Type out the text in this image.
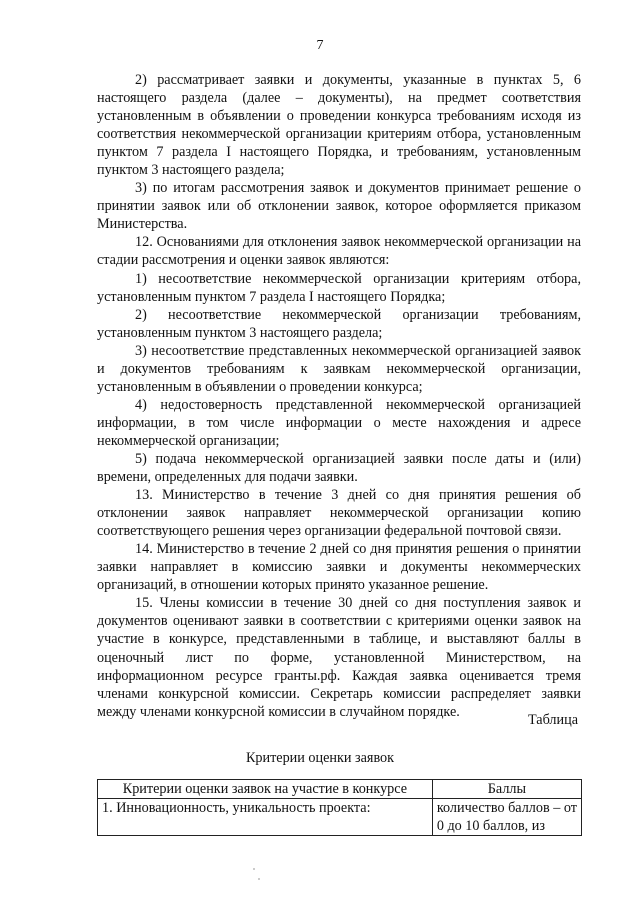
7

2) рассматривает заявки и документы, указанные в пунктах 5, 6 настоящего раздела (далее – документы), на предмет соответствия установленным в объявлении о проведении конкурса требованиям исходя из соответствия некоммерческой организации критериям отбора, установленным пунктом 7 раздела I настоящего Порядка, и требованиям, установленным пунктом 3 настоящего раздела;

3) по итогам рассмотрения заявок и документов принимает решение о принятии заявок или об отклонении заявок, которое оформляется приказом Министерства.

12. Основаниями для отклонения заявок некоммерческой организации на стадии рассмотрения и оценки заявок являются:

1) несоответствие некоммерческой организации критериям отбора, установленным пунктом 7 раздела I настоящего Порядка;

2) несоответствие некоммерческой организации требованиям, установленным пунктом 3 настоящего раздела;

3) несоответствие представленных некоммерческой организацией заявок и документов требованиям к заявкам некоммерческой организации, установленным в объявлении о проведении конкурса;

4) недостоверность представленной некоммерческой организацией информации, в том числе информации о месте нахождения и адресе некоммерческой организации;

5) подача некоммерческой организацией заявки после даты и (или) времени, определенных для подачи заявки.

13. Министерство в течение 3 дней со дня принятия решения об отклонении заявок направляет некоммерческой организации копию соответствующего решения через организации федеральной почтовой связи.

14. Министерство в течение 2 дней со дня принятия решения о принятии заявки направляет в комиссию заявки и документы некоммерческих организаций, в отношении которых принято указанное решение.

15. Члены комиссии в течение 30 дней со дня поступления заявок и документов оценивают заявки в соответствии с критериями оценки заявок на участие в конкурсе, представленными в таблице, и выставляют баллы в оценочный лист по форме, установленной Министерством, на информационном ресурсе гранты.рф. Каждая заявка оценивается тремя членами конкурсной комиссии. Секретарь комиссии распределяет заявки между членами конкурсной комиссии в случайном порядке.

Таблица
Критерии оценки заявок
Критерии оценки заявок на участие в конкурсе	Баллы
1. Инновационность, уникальность проекта:	количество баллов – от 0 до 10 баллов, из
